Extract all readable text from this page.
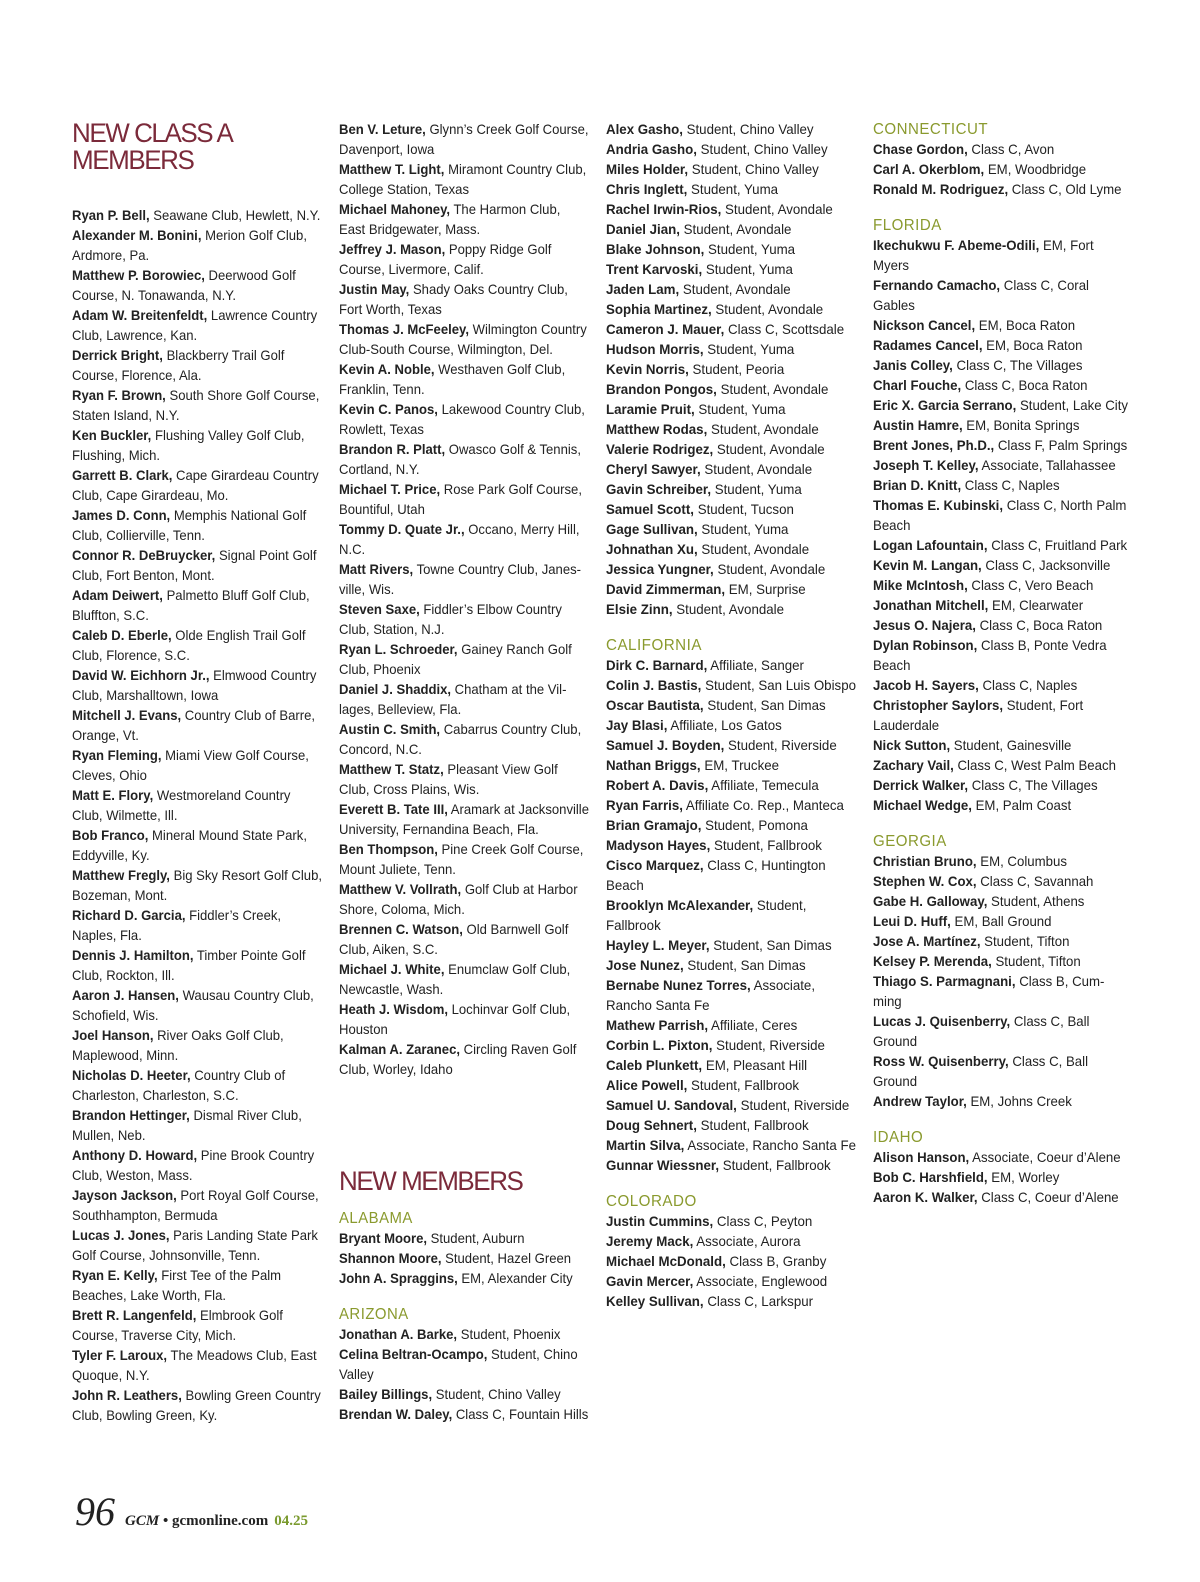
NEW CLASS A
MEMBERS
Ryan P. Bell, Seawane Club, Hewlett, N.Y.
Alexander M. Bonini, Merion Golf Club,
Ardmore, Pa.
Matthew P. Borowiec, Deerwood Golf
Course, N. Tonawanda, N.Y.
Adam W. Breitenfeldt, Lawrence Country
Club, Lawrence, Kan.
Derrick Bright, Blackberry Trail Golf
Course, Florence, Ala.
Ryan F. Brown, South Shore Golf Course,
Staten Island, N.Y.
Ken Buckler, Flushing Valley Golf Club,
Flushing, Mich.
Garrett B. Clark, Cape Girardeau Country
Club, Cape Girardeau, Mo.
James D. Conn, Memphis National Golf
Club, Collierville, Tenn.
Connor R. DeBruycker, Signal Point Golf
Club, Fort Benton, Mont.
Adam Deiwert, Palmetto Bluff Golf Club,
Bluffton, S.C.
Caleb D. Eberle, Olde English Trail Golf
Club, Florence, S.C.
David W. Eichhorn Jr., Elmwood Country
Club, Marshalltown, Iowa
Mitchell J. Evans, Country Club of Barre,
Orange, Vt.
Ryan Fleming, Miami View Golf Course,
Cleves, Ohio
Matt E. Flory, Westmoreland Country
Club, Wilmette, Ill.
Bob Franco, Mineral Mound State Park,
Eddyville, Ky.
Matthew Fregly, Big Sky Resort Golf Club,
Bozeman, Mont.
Richard D. Garcia, Fiddler’s Creek,
Naples, Fla.
Dennis J. Hamilton, Timber Pointe Golf
Club, Rockton, Ill.
Aaron J. Hansen, Wausau Country Club,
Schofield, Wis.
Joel Hanson, River Oaks Golf Club,
Maplewood, Minn.
Nicholas D. Heeter, Country Club of
Charleston, Charleston, S.C.
Brandon Hettinger, Dismal River Club,
Mullen, Neb.
Anthony D. Howard, Pine Brook Country
Club, Weston, Mass.
Jayson Jackson, Port Royal Golf Course,
Southhampton, Bermuda
Lucas J. Jones, Paris Landing State Park
Golf Course, Johnsonville, Tenn.
Ryan E. Kelly, First Tee of the Palm
Beaches, Lake Worth, Fla.
Brett R. Langenfeld, Elmbrook Golf
Course, Traverse City, Mich.
Tyler F. Laroux, The Meadows Club, East
Quoque, N.Y.
John R. Leathers, Bowling Green Country
Club, Bowling Green, Ky.
Ben V. Leture, Glynn’s Creek Golf Course,
Davenport, Iowa
Matthew T. Light, Miramont Country Club,
College Station, Texas
Michael Mahoney, The Harmon Club,
East Bridgewater, Mass.
Jeffrey J. Mason, Poppy Ridge Golf
Course, Livermore, Calif.
Justin May, Shady Oaks Country Club,
Fort Worth, Texas
Thomas J. McFeeley, Wilmington Country
Club-South Course, Wilmington, Del.
Kevin A. Noble, Westhaven Golf Club,
Franklin, Tenn.
Kevin C. Panos, Lakewood Country Club,
Rowlett, Texas
Brandon R. Platt, Owasco Golf & Tennis,
Cortland, N.Y.
Michael T. Price, Rose Park Golf Course,
Bountiful, Utah
Tommy D. Quate Jr., Occano, Merry Hill,
N.C.
Matt Rivers, Towne Country Club, Janes-
ville, Wis.
Steven Saxe, Fiddler’s Elbow Country
Club, Station, N.J.
Ryan L. Schroeder, Gainey Ranch Golf
Club, Phoenix
Daniel J. Shaddix, Chatham at the Vil-
lages, Belleview, Fla.
Austin C. Smith, Cabarrus Country Club,
Concord, N.C.
Matthew T. Statz, Pleasant View Golf
Club, Cross Plains, Wis.
Everett B. Tate III, Aramark at Jacksonville
University, Fernandina Beach, Fla.
Ben Thompson, Pine Creek Golf Course,
Mount Juliete, Tenn.
Matthew V. Vollrath, Golf Club at Harbor
Shore, Coloma, Mich.
Brennen C. Watson, Old Barnwell Golf
Club, Aiken, S.C.
Michael J. White, Enumclaw Golf Club,
Newcastle, Wash.
Heath J. Wisdom, Lochinvar Golf Club,
Houston
Kalman A. Zaranec, Circling Raven Golf
Club, Worley, Idaho
NEW MEMBERS
ALABAMA
Bryant Moore, Student, Auburn
Shannon Moore, Student, Hazel Green
John A. Spraggins, EM, Alexander City
ARIZONA
Jonathan A. Barke, Student, Phoenix
Celina Beltran-Ocampo, Student, Chino
Valley
Bailey Billings, Student, Chino Valley
Brendan W. Daley, Class C, Fountain Hills
Alex Gasho, Student, Chino Valley
Andria Gasho, Student, Chino Valley
Miles Holder, Student, Chino Valley
Chris Inglett, Student, Yuma
Rachel Irwin-Rios, Student, Avondale
Daniel Jian, Student, Avondale
Blake Johnson, Student, Yuma
Trent Karvoski, Student, Yuma
Jaden Lam, Student, Avondale
Sophia Martinez, Student, Avondale
Cameron J. Mauer, Class C, Scottsdale
Hudson Morris, Student, Yuma
Kevin Norris, Student, Peoria
Brandon Pongos, Student, Avondale
Laramie Pruit, Student, Yuma
Matthew Rodas, Student, Avondale
Valerie Rodrigez, Student, Avondale
Cheryl Sawyer, Student, Avondale
Gavin Schreiber, Student, Yuma
Samuel Scott, Student, Tucson
Gage Sullivan, Student, Yuma
Johnathan Xu, Student, Avondale
Jessica Yungner, Student, Avondale
David Zimmerman, EM, Surprise
Elsie Zinn, Student, Avondale
CALIFORNIA
Dirk C. Barnard, Affiliate, Sanger
Colin J. Bastis, Student, San Luis Obispo
Oscar Bautista, Student, San Dimas
Jay Blasi, Affiliate, Los Gatos
Samuel J. Boyden, Student, Riverside
Nathan Briggs, EM, Truckee
Robert A. Davis, Affiliate, Temecula
Ryan Farris, Affiliate Co. Rep., Manteca
Brian Gramajo, Student, Pomona
Madyson Hayes, Student, Fallbrook
Cisco Marquez, Class C, Huntington
Beach
Brooklyn McAlexander, Student,
Fallbrook
Hayley L. Meyer, Student, San Dimas
Jose Nunez, Student, San Dimas
Bernabe Nunez Torres, Associate,
Rancho Santa Fe
Mathew Parrish, Affiliate, Ceres
Corbin L. Pixton, Student, Riverside
Caleb Plunkett, EM, Pleasant Hill
Alice Powell, Student, Fallbrook
Samuel U. Sandoval, Student, Riverside
Doug Sehnert, Student, Fallbrook
Martin Silva, Associate, Rancho Santa Fe
Gunnar Wiessner, Student, Fallbrook
COLORADO
Justin Cummins, Class C, Peyton
Jeremy Mack, Associate, Aurora
Michael McDonald, Class B, Granby
Gavin Mercer, Associate, Englewood
Kelley Sullivan, Class C, Larkspur
CONNECTICUT
Chase Gordon, Class C, Avon
Carl A. Okerblom, EM, Woodbridge
Ronald M. Rodriguez, Class C, Old Lyme
FLORIDA
Ikechukwu F. Abeme-Odili, EM, Fort
Myers
Fernando Camacho, Class C, Coral
Gables
Nickson Cancel, EM, Boca Raton
Radames Cancel, EM, Boca Raton
Janis Colley, Class C, The Villages
Charl Fouche, Class C, Boca Raton
Eric X. Garcia Serrano, Student, Lake City
Austin Hamre, EM, Bonita Springs
Brent Jones, Ph.D., Class F, Palm Springs
Joseph T. Kelley, Associate, Tallahassee
Brian D. Knitt, Class C, Naples
Thomas E. Kubinski, Class C, North Palm
Beach
Logan Lafountain, Class C, Fruitland Park
Kevin M. Langan, Class C, Jacksonville
Mike McIntosh, Class C, Vero Beach
Jonathan Mitchell, EM, Clearwater
Jesus O. Najera, Class C, Boca Raton
Dylan Robinson, Class B, Ponte Vedra
Beach
Jacob H. Sayers, Class C, Naples
Christopher Saylors, Student, Fort
Lauderdale
Nick Sutton, Student, Gainesville
Zachary Vail, Class C, West Palm Beach
Derrick Walker, Class C, The Villages
Michael Wedge, EM, Palm Coast
GEORGIA
Christian Bruno, EM, Columbus
Stephen W. Cox, Class C, Savannah
Gabe H. Galloway, Student, Athens
Leui D. Huff, EM, Ball Ground
Jose A. Martínez, Student, Tifton
Kelsey P. Merenda, Student, Tifton
Thiago S. Parmagnani, Class B, Cum-
ming
Lucas J. Quisenberry, Class C, Ball
Ground
Ross W. Quisenberry, Class C, Ball
Ground
Andrew Taylor, EM, Johns Creek
IDAHO
Alison Hanson, Associate, Coeur d’Alene
Bob C. Harshfield, EM, Worley
Aaron K. Walker, Class C, Coeur d’Alene
96 GCM • gcmonline.com 04.25
